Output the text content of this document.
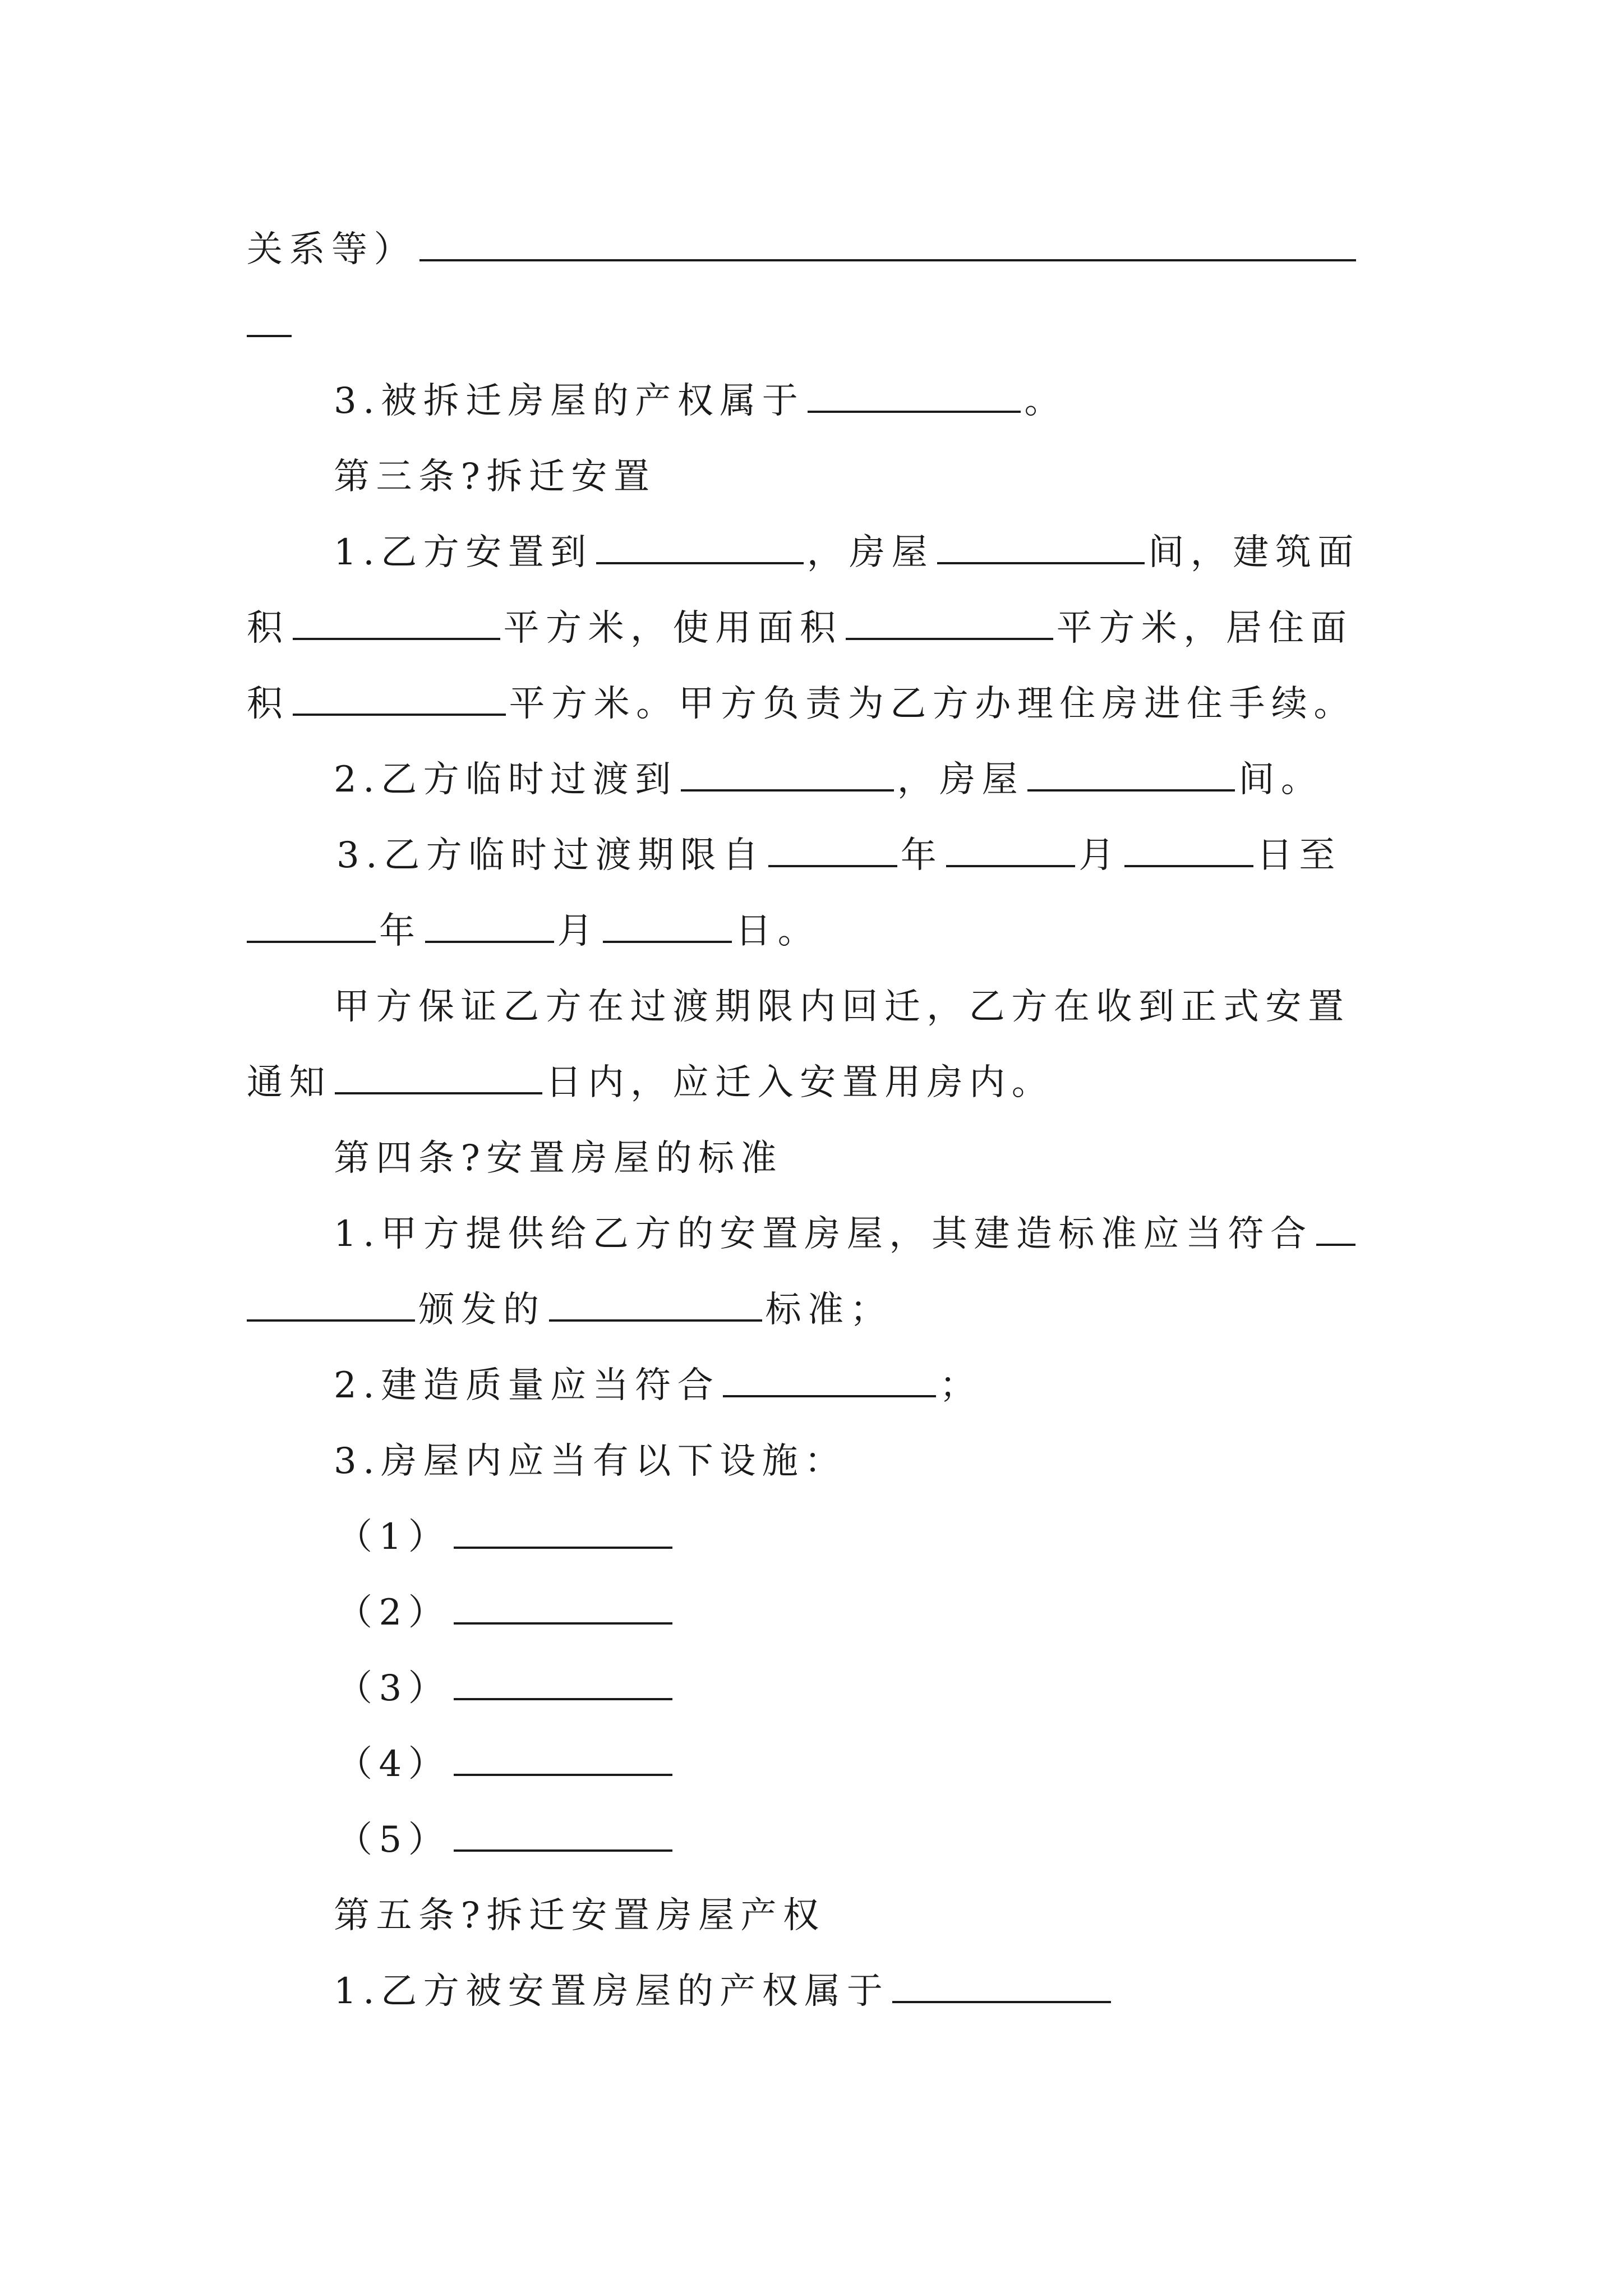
关系等）
3.被拆迁房屋的产权属于	。
第三条?拆迁安置
1.乙方安置到	，房屋	间，建筑面
积	平方米，使用面积	平方米，居住面
积	平方米。甲方负责为乙方办理住房进住手续。
2.乙方临时过渡到	，房屋	间。
3.乙方临时过渡期限自	年	月	日至
年	月	日。
甲方保证乙方在过渡期限内回迁，乙方在收到正式安置
通知	日内，应迁入安置用房内。
第四条?安置房屋的标准
1.甲方提供给乙方的安置房屋，其建造标准应当符合
颁发的	标准；
2.建造质量应当符合	；
3.房屋内应当有以下设施：
（1）
（2）
（3）
（4）
（5）
第五条?拆迁安置房屋产权
1.乙方被安置房屋的产权属于
